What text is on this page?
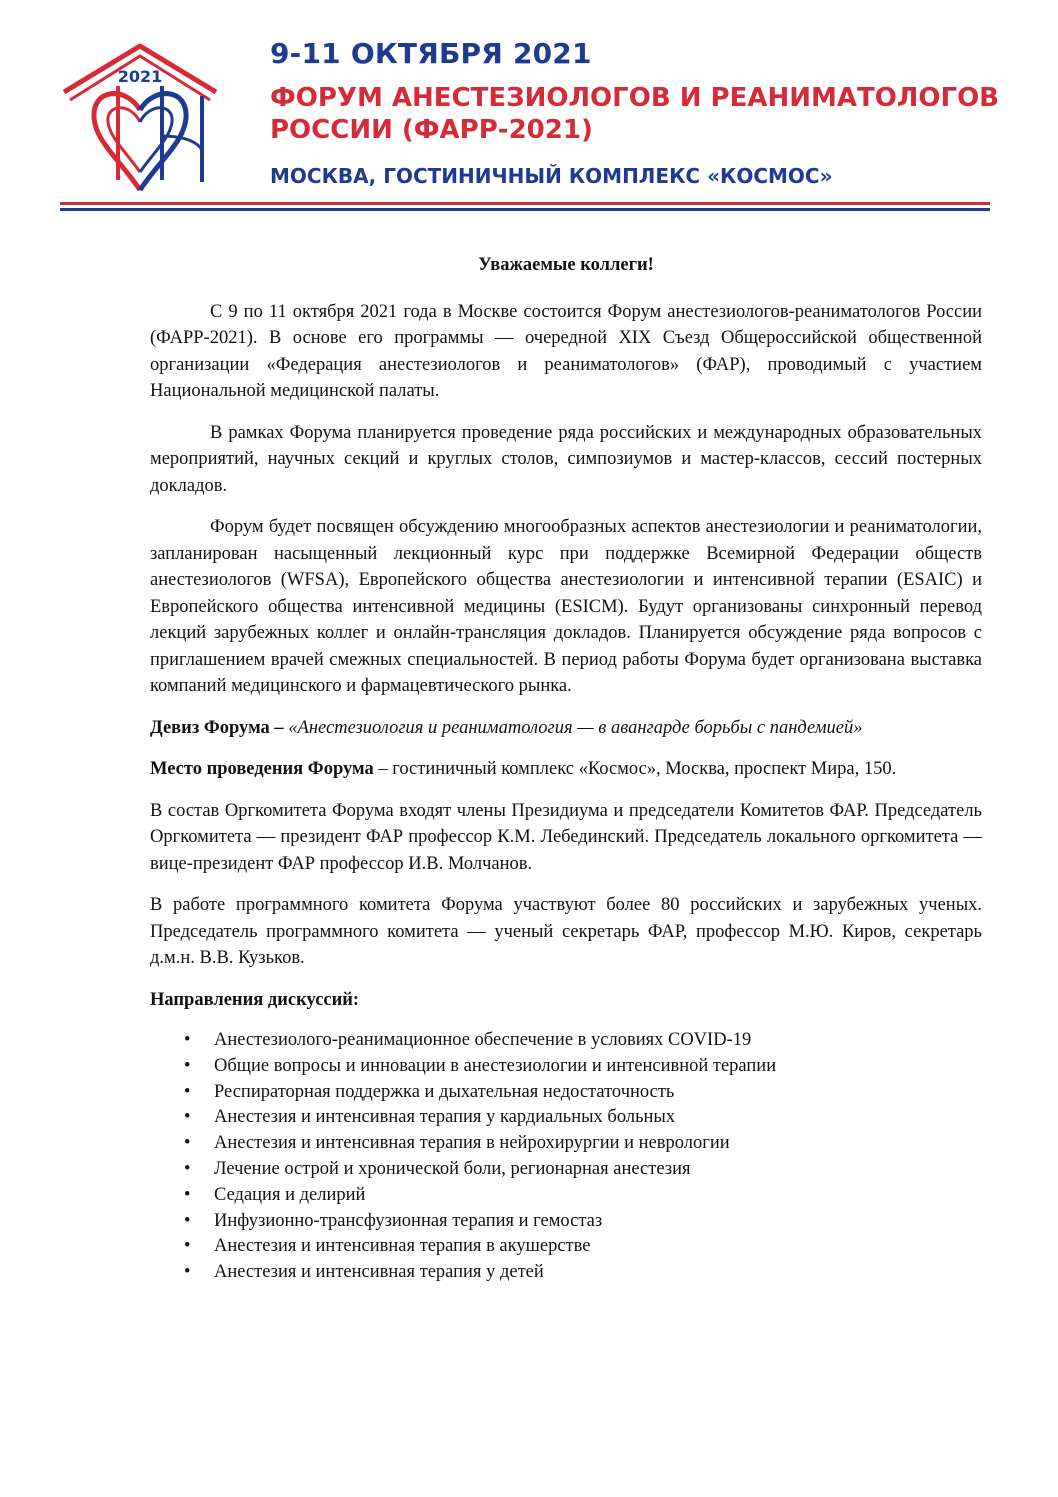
2021
9-11 ОКТЯБРЯ 2021
ФОРУМ АНЕСТЕЗИОЛОГОВ И РЕАНИМАТОЛОГОВ
РОССИИ (ФАРР-2021)
МОСКВА, ГОСТИНИЧНЫЙ КОМПЛЕКС «КОСМОС»

Уважаемые коллеги!

С 9 по 11 октября 2021 года в Москве состоится Форум анестезиологов-реаниматологов России (ФАРР-2021). В основе его программы — очередной XIX Съезд Общероссийской общественной организации «Федерация анестезиологов и реаниматологов» (ФАР), проводимый с участием Национальной медицинской палаты.

В рамках Форума планируется проведение ряда российских и международных образовательных мероприятий, научных секций и круглых столов, симпозиумов и мастер-классов, сессий постерных докладов.

Форум будет посвящен обсуждению многообразных аспектов анестезиологии и реаниматологии, запланирован насыщенный лекционный курс при поддержке Всемирной Федерации обществ анестезиологов (WFSA), Европейского общества анестезиологии и интенсивной терапии (ESAIC) и Европейского общества интенсивной медицины (ESICM). Будут организованы синхронный перевод лекций зарубежных коллег и онлайн-трансляция докладов. Планируется обсуждение ряда вопросов с приглашением врачей смежных специальностей. В период работы Форума будет организована выставка компаний медицинского и фармацевтического рынка.

Девиз Форума – «Анестезиология и реаниматология — в авангарде борьбы с пандемией»

Место проведения Форума – гостиничный комплекс «Космос», Москва, проспект Мира, 150.

В состав Оргкомитета Форума входят члены Президиума и председатели Комитетов ФАР. Председатель Оргкомитета — президент ФАР профессор К.М. Лебединский. Председатель локального оргкомитета — вице-президент ФАР профессор И.В. Молчанов.

В работе программного комитета Форума участвуют более 80 российских и зарубежных ученых. Председатель программного комитета — ученый секретарь ФАР, профессор М.Ю. Киров, секретарь д.м.н. В.В. Кузьков.

Направления дискуссий:

• Анестезиолого-реанимационное обеспечение в условиях COVID-19
• Общие вопросы и инновации в анестезиологии и интенсивной терапии
• Респираторная поддержка и дыхательная недостаточность
• Анестезия и интенсивная терапия у кардиальных больных
• Анестезия и интенсивная терапия в нейрохирургии и неврологии
• Лечение острой и хронической боли, регионарная анестезия
• Седация и делирий
• Инфузионно-трансфузионная терапия и гемостаз
• Анестезия и интенсивная терапия в акушерстве
• Анестезия и интенсивная терапия у детей
